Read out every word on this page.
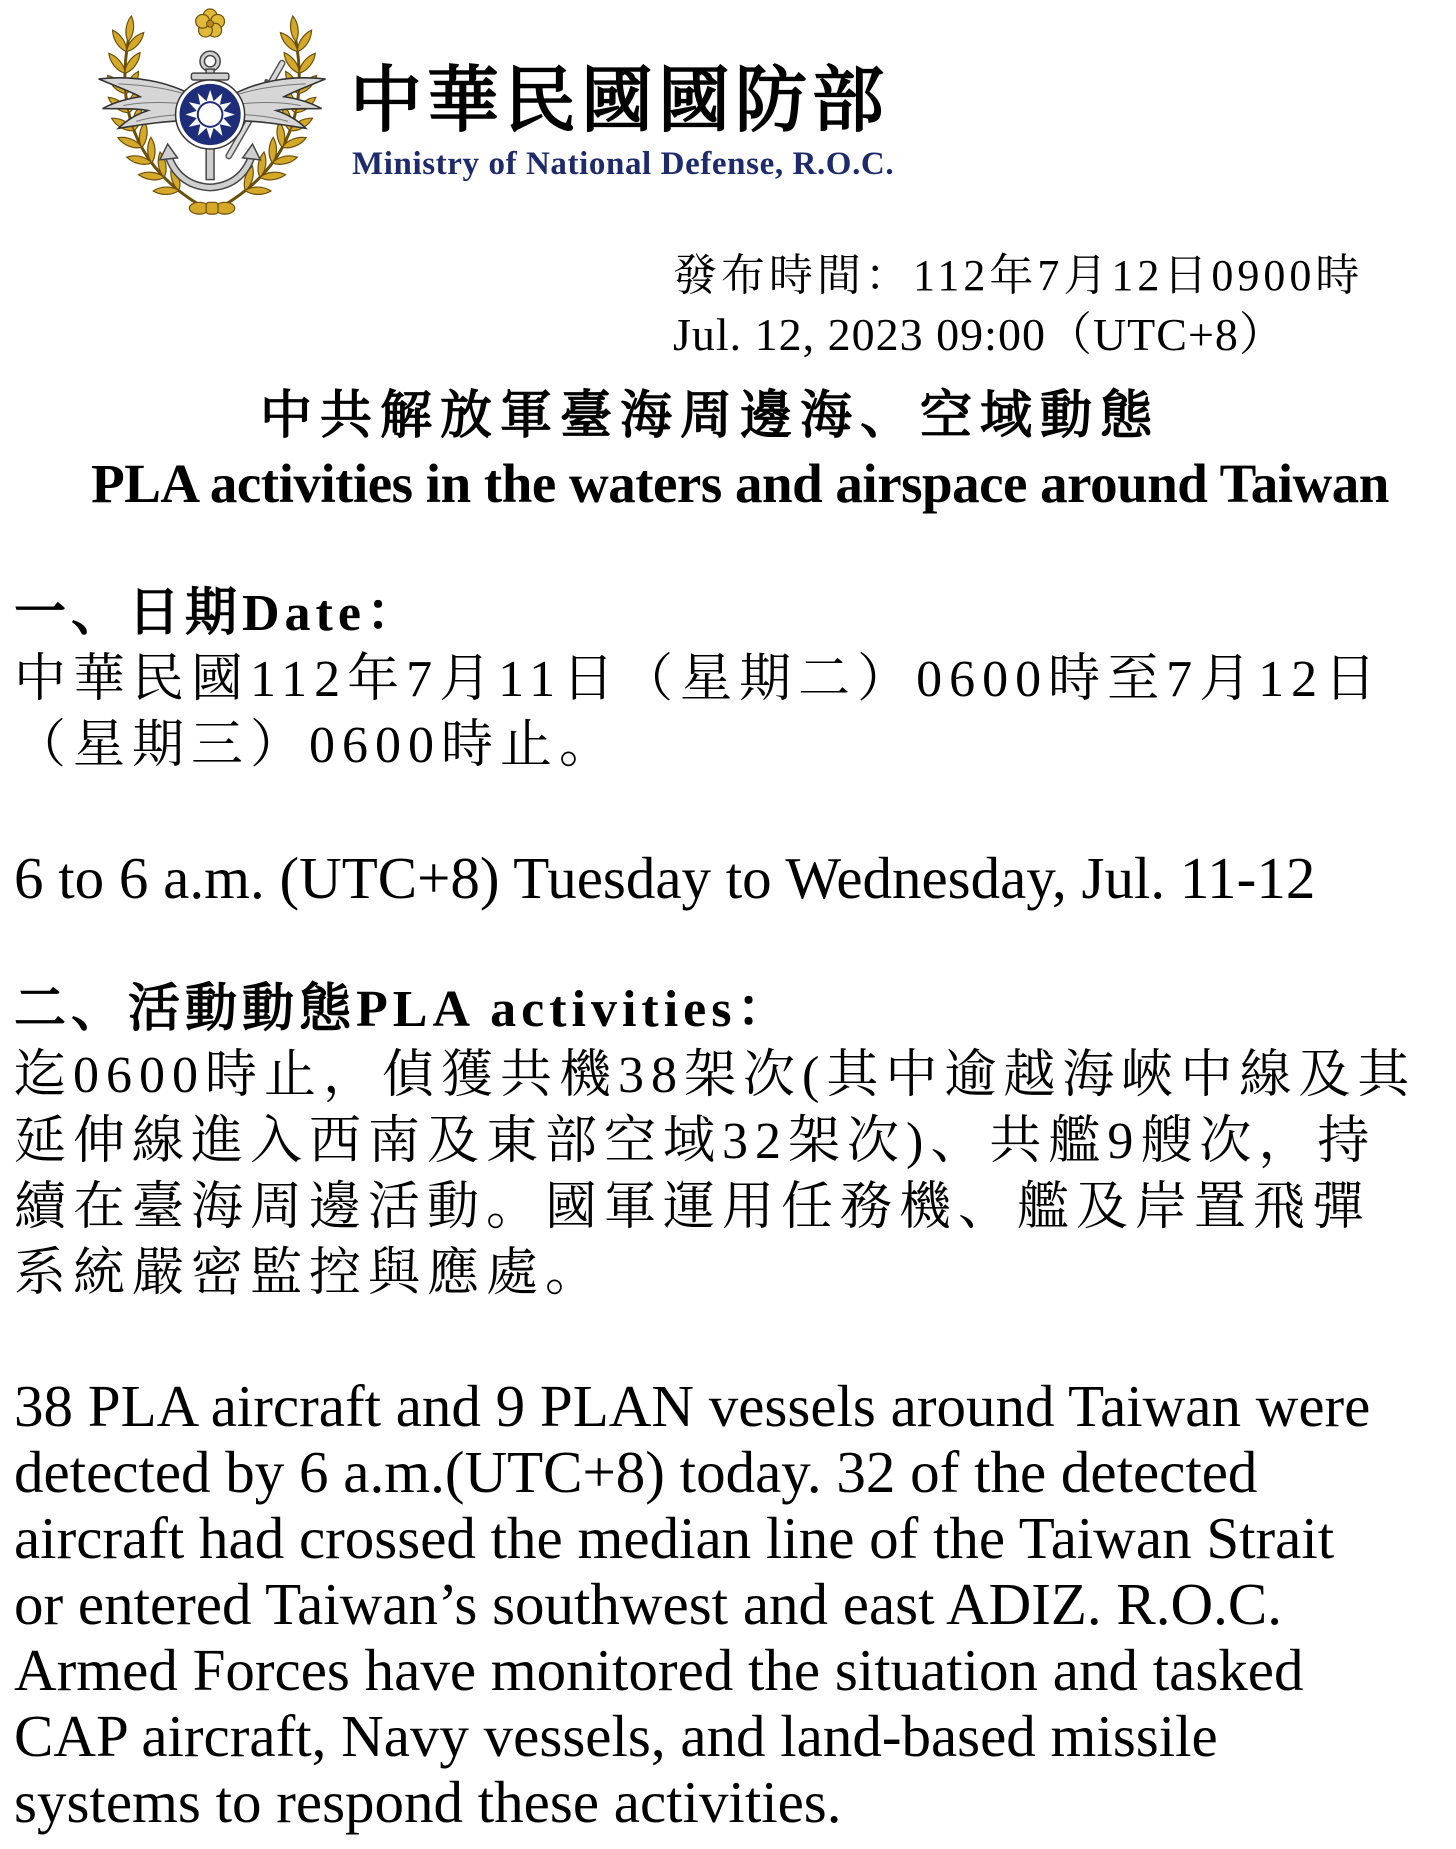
中華民國國防部
Ministry of National Defense, R.O.C.
發布時間：112年7月12日0900時
Jul. 12, 2023 09:00（UTC+8）
中共解放軍臺海周邊海、空域動態
PLA activities in the waters and airspace around Taiwan
一、日期Date：
中華民國112年7月11日（星期二）0600時至7月12日
（星期三）0600時止。
6 to 6 a.m. (UTC+8) Tuesday to Wednesday, Jul. 11-12
二、活動動態PLA activities：
迄0600時止，偵獲共機38架次(其中逾越海峽中線及其
延伸線進入西南及東部空域32架次)、共艦9艘次，持
續在臺海周邊活動。國軍運用任務機、艦及岸置飛彈
系統嚴密監控與應處。
38 PLA aircraft and 9 PLAN vessels around Taiwan were
detected by 6 a.m.(UTC+8) today. 32 of the detected
aircraft had crossed the median line of the Taiwan Strait
or entered Taiwan’s southwest and east ADIZ. R.O.C.
Armed Forces have monitored the situation and tasked
CAP aircraft, Navy vessels, and land-based missile
systems to respond these activities.
